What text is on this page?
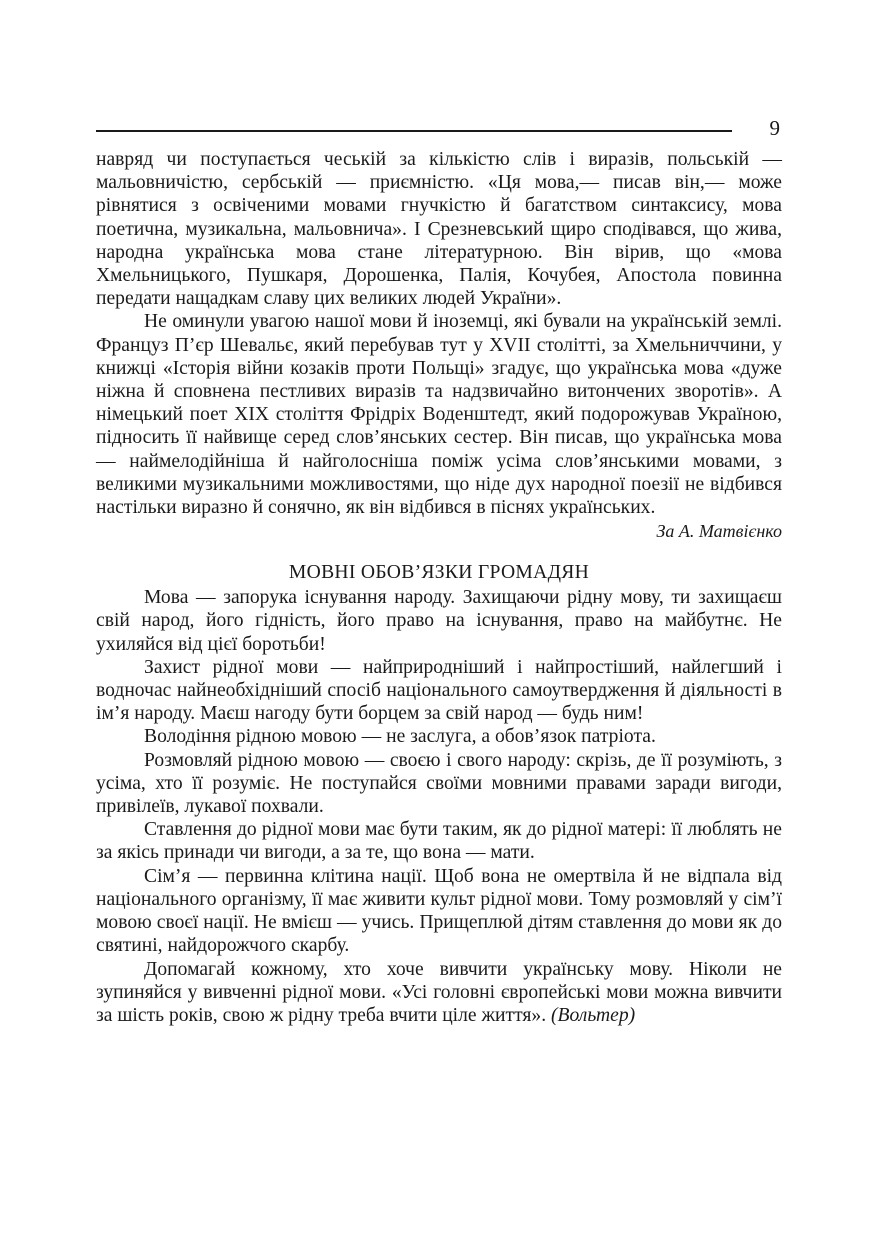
9

навряд чи поступається чеській за кількістю слів і виразів, польській — мальовничістю, сербській — приємністю. «Ця мова,— писав він,— може рівнятися з освіченими мовами гнучкістю й багатством синтаксису, мова поетична, музикальна, мальовнича». І Срезневський щиро сподівався, що жива, народна українська мова стане літературною. Він вірив, що «мова Хмельницького, Пушкаря, Дорошенка, Палія, Кочубея, Апостола повинна передати нащадкам славу цих великих людей України».

Не оминули увагою нашої мови й іноземці, які бували на українській землі. Француз П’єр Шевальє, який перебував тут у XVII столітті, за Хмельниччини, у книжці «Історія війни козаків проти Польщі» згадує, що українська мова «дуже ніжна й сповнена пестливих виразів та надзвичайно витончених зворотів». А німецький поет XIX століття Фрідріх Воденштедт, який подорожував Україною, підносить її найвище серед слов’янських сестер. Він писав, що українська мова — наймелодійніша й найголосніша поміж усіма слов’янськими мовами, з великими музикальними можливостями, що ніде дух народної поезії не відбився настільки виразно й сонячно, як він відбився в піснях українських.

За А. Матвієнко
МОВНІ ОБОВ’ЯЗКИ ГРОМАДЯН

Мова — запорука існування народу. Захищаючи рідну мову, ти захищаєш свій народ, його гідність, його право на існування, право на майбутнє. Не ухиляйся від цієї боротьби!

Захист рідної мови — найприродніший і найпростіший, найлегший і водночас найнеобхідніший спосіб національного самоутвердження й діяльності в ім’я народу. Маєш нагоду бути борцем за свій народ — будь ним!

Володіння рідною мовою — не заслуга, а обов’язок патріота.

Розмовляй рідною мовою — своєю і свого народу: скрізь, де її розуміють, з усіма, хто її розуміє. Не поступайся своїми мовними правами заради вигоди, привілеїв, лукавої похвали.

Ставлення до рідної мови має бути таким, як до рідної матері: її люблять не за якісь принади чи вигоди, а за те, що вона — мати.

Сім’я — первинна клітина нації. Щоб вона не омертвіла й не відпала від національного організму, її має живити культ рідної мови. Тому розмовляй у сім’ї мовою своєї нації. Не вмієш — учись. Прищеплюй дітям ставлення до мови як до святині, найдорожчого скарбу.

Допомагай кожному, хто хоче вивчити українську мову. Ніколи не зупиняйся у вивченні рідної мови. «Усі головні європейські мови можна вивчити за шість років, свою ж рідну треба вчити ціле життя». (Вольтер)
